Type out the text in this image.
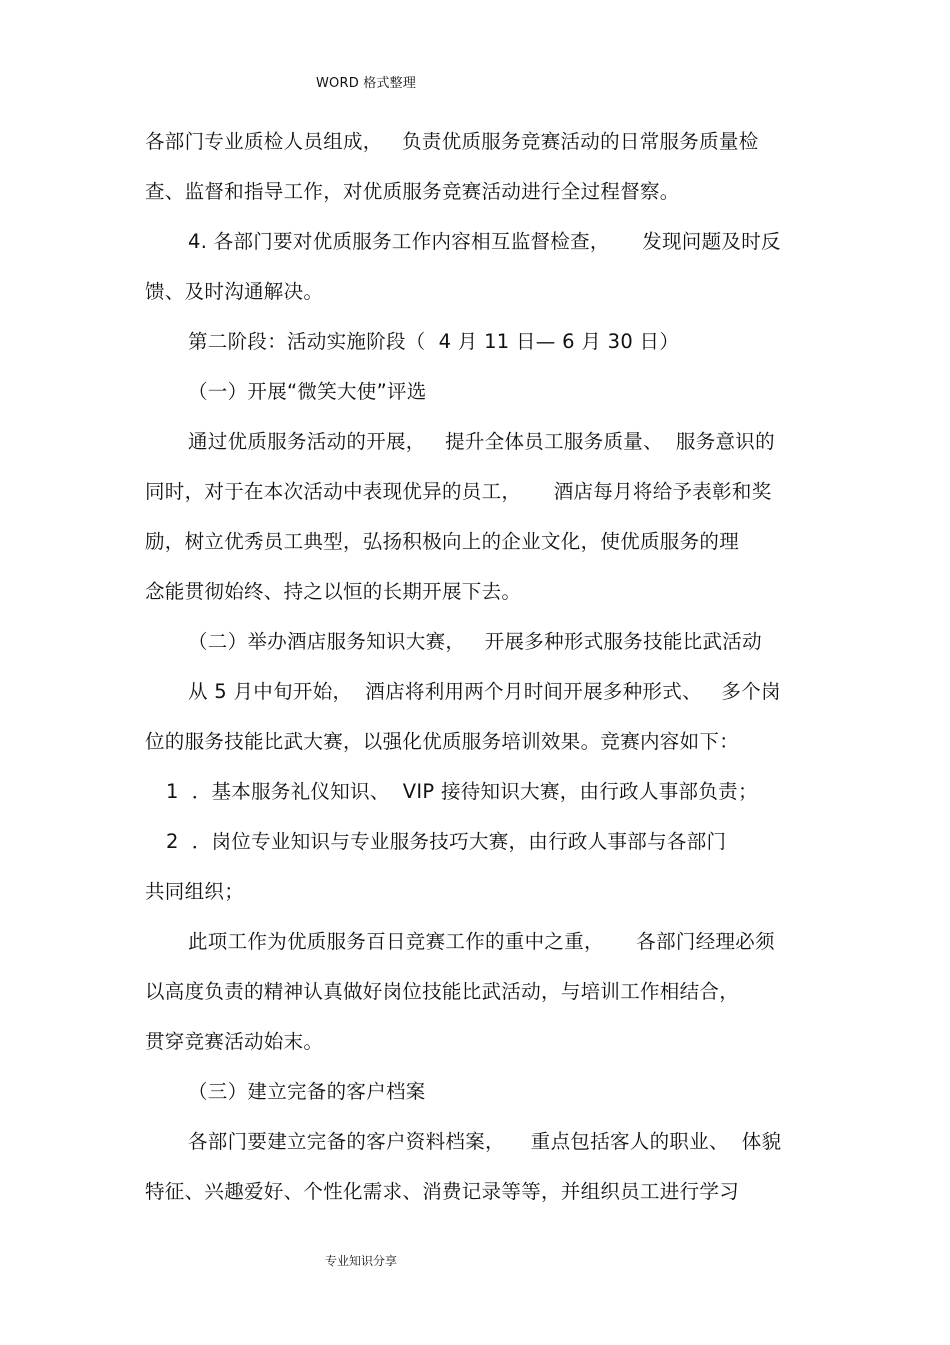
WORD 格式整理
各部门专业质检人员组成，   负责优质服务竞赛活动的日常服务质量检
查、监督和指导工作，对优质服务竞赛活动进行全过程督察。
4. 各部门要对优质服务工作内容相互监督检查，     发现问题及时反
馈、及时沟通解决。
第二阶段：活动实施阶段（  4 月 11 日— 6 月 30 日）
（一）开展“微笑大使”评选
通过优质服务活动的开展，   提升全体员工服务质量、  服务意识的
同时，对于在本次活动中表现优异的员工，     酒店每月将给予表彰和奖
励，树立优秀员工典型，弘扬积极向上的企业文化，使优质服务的理
念能贯彻始终、持之以恒的长期开展下去。
（二）举办酒店服务知识大赛，   开展多种形式服务技能比武活动
从 5 月中旬开始，  酒店将利用两个月时间开展多种形式、   多个岗
位的服务技能比武大赛，以强化优质服务培训效果。竞赛内容如下：
1  ．基本服务礼仪知识、  VIP 接待知识大赛，由行政人事部负责；
2  ．岗位专业知识与专业服务技巧大赛，由行政人事部与各部门
共同组织；
此项工作为优质服务百日竞赛工作的重中之重，     各部门经理必须
以高度负责的精神认真做好岗位技能比武活动，与培训工作相结合，
贯穿竞赛活动始末。
（三）建立完备的客户档案
各部门要建立完备的客户资料档案，    重点包括客人的职业、  体貌
特征、兴趣爱好、个性化需求、消费记录等等，并组织员工进行学习
专业知识分享
